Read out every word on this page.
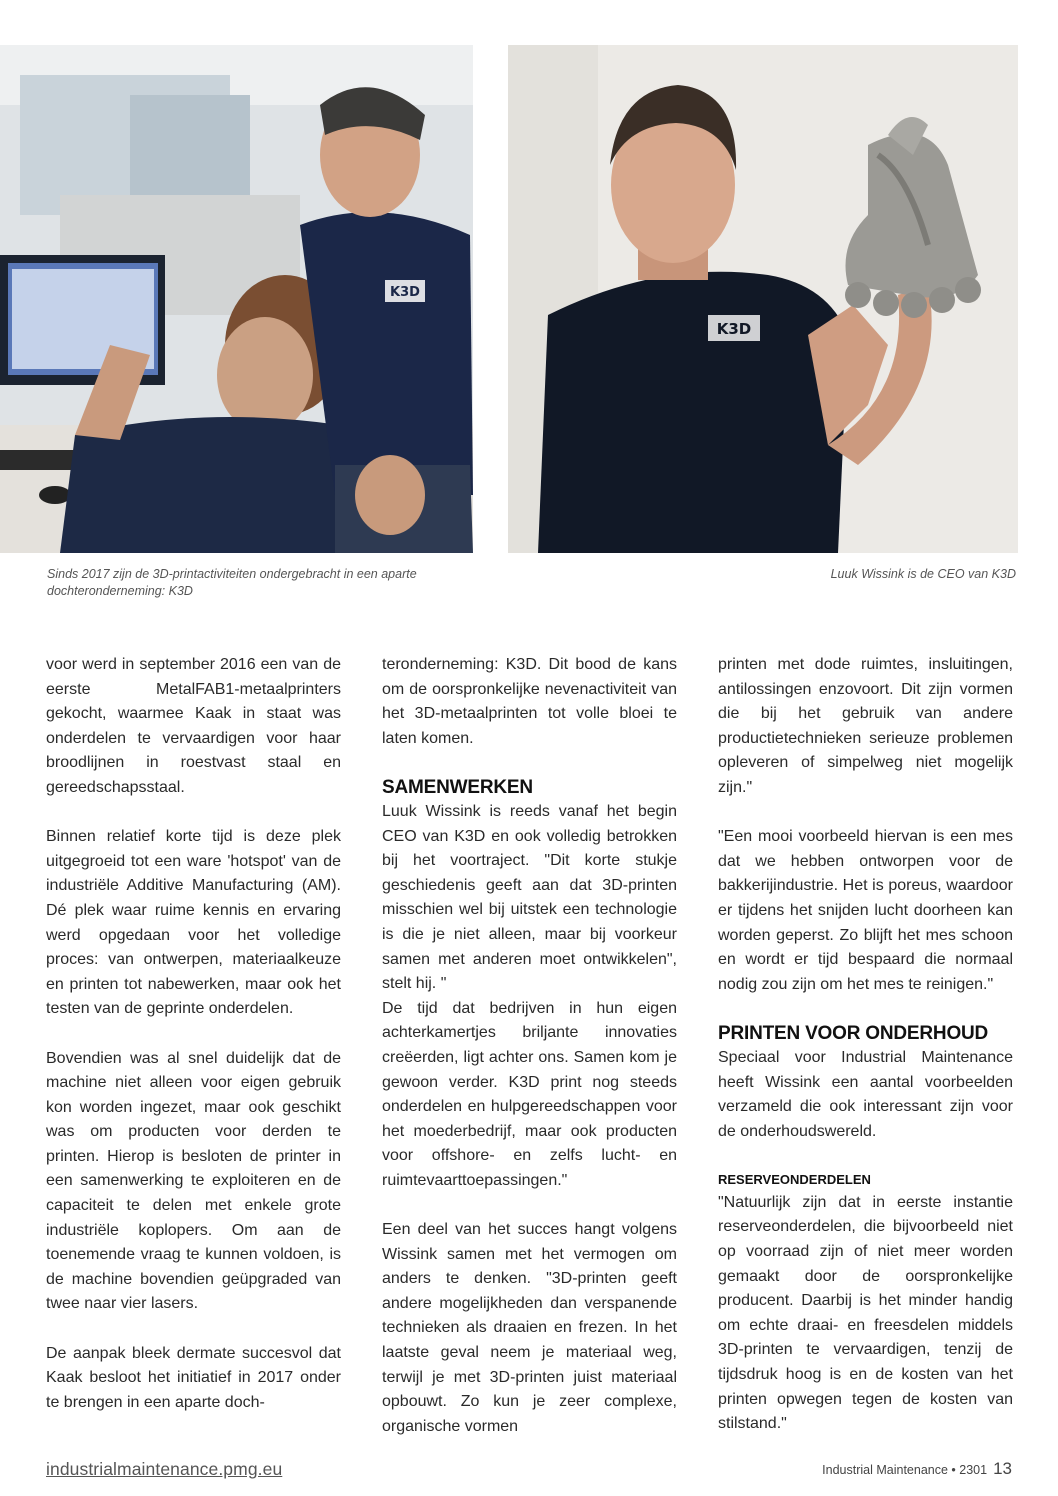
K3D
K3D
Sinds 2017 zijn de 3D-printactiviteiten ondergebracht in een aparte dochteronderneming: K3D
Luuk Wissink is de CEO van K3D

voor werd in september 2016 een van de eerste MetalFAB1-metaalprinters gekocht, waarmee Kaak in staat was onderdelen te vervaardigen voor haar broodlijnen in roestvast staal en gereedschapsstaal.

Binnen relatief korte tijd is deze plek uitgegroeid tot een ware 'hotspot' van de industriële Additive Manufacturing (AM). Dé plek waar ruime kennis en ervaring werd opgedaan voor het volledige proces: van ontwerpen, materiaalkeuze en printen tot nabewerken, maar ook het testen van de geprinte onderdelen.

Bovendien was al snel duidelijk dat de machine niet alleen voor eigen gebruik kon worden ingezet, maar ook geschikt was om producten voor derden te printen. Hierop is besloten de printer in een samenwerking te exploiteren en de capaciteit te delen met enkele grote industriële koplopers. Om aan de toenemende vraag te kunnen voldoen, is de machine bovendien geüpgraded van twee naar vier lasers.

De aanpak bleek dermate succesvol dat Kaak besloot het initiatief in 2017 onder te brengen in een aparte doch-

teronderneming: K3D. Dit bood de kans om de oorspronkelijke nevenactiviteit van het 3D-metaalprinten tot volle bloei te laten komen.

SAMENWERKEN

Luuk Wissink is reeds vanaf het begin CEO van K3D en ook volledig betrokken bij het voortraject. "Dit korte stukje geschiedenis geeft aan dat 3D-printen misschien wel bij uitstek een technologie is die je niet alleen, maar bij voorkeur samen met anderen moet ontwikkelen", stelt hij. "

De tijd dat bedrijven in hun eigen achterkamertjes briljante innovaties creëerden, ligt achter ons. Samen kom je gewoon verder. K3D print nog steeds onderdelen en hulpgereedschappen voor het moederbedrijf, maar ook producten voor offshore- en zelfs lucht- en ruimtevaarttoepassingen."

Een deel van het succes hangt volgens Wissink samen met het vermogen om anders te denken. "3D-printen geeft andere mogelijkheden dan verspanende technieken als draaien en frezen. In het laatste geval neem je materiaal weg, terwijl je met 3D-printen juist materiaal opbouwt. Zo kun je zeer complexe, organische vormen

printen met dode ruimtes, insluitingen, antilossingen enzovoort. Dit zijn vormen die bij het gebruik van andere productietechnieken serieuze problemen opleveren of simpelweg niet mogelijk zijn."

"Een mooi voorbeeld hiervan is een mes dat we hebben ontworpen voor de bakkerijindustrie. Het is poreus, waardoor er tijdens het snijden lucht doorheen kan worden geperst. Zo blijft het mes schoon en wordt er tijd bespaard die normaal nodig zou zijn om het mes te reinigen."

PRINTEN VOOR ONDERHOUD

Speciaal voor Industrial Maintenance heeft Wissink een aantal voorbeelden verzameld die ook interessant zijn voor de onderhoudswereld.

RESERVEONDERDELEN

"Natuurlijk zijn dat in eerste instantie reserveonderdelen, die bijvoorbeeld niet op voorraad zijn of niet meer worden gemaakt door de oorspronkelijke producent. Daarbij is het minder handig om echte draai- en freesdelen middels 3D-printen te vervaardigen, tenzij de tijdsdruk hoog is en de kosten van het printen opwegen tegen de kosten van stilstand."

industrialmaintenance.pmg.eu	Industrial Maintenance • 2301 13
